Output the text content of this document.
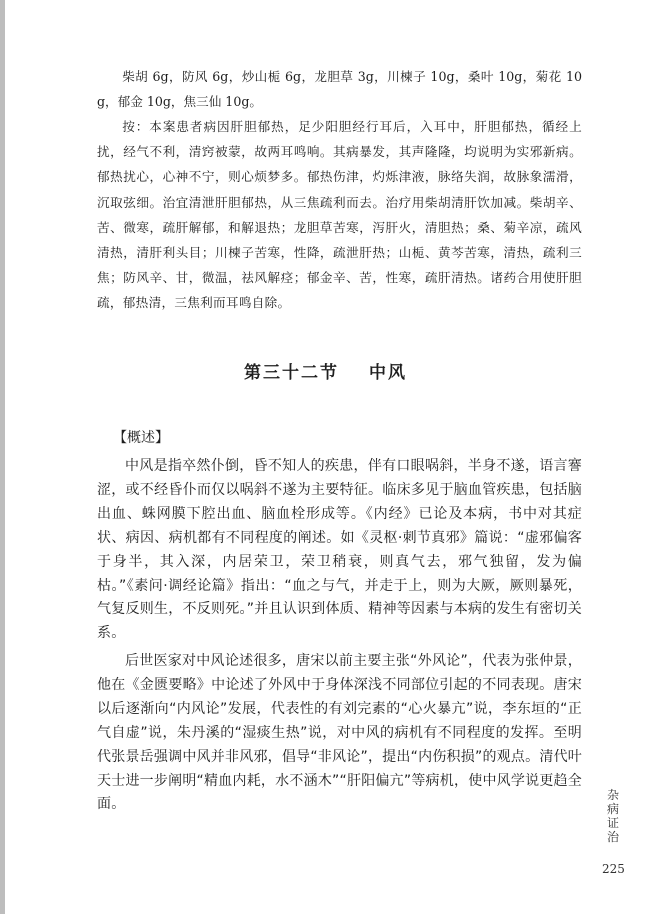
柴胡 6g，防风 6g，炒山栀 6g，龙胆草 3g，川楝子 10g，桑叶 10g，菊花 10g，郁金 10g，焦三仙 10g。

按：本案患者病因肝胆郁热，足少阳胆经行耳后，入耳中，肝胆郁热，循经上扰，经气不利，清窍被蒙，故两耳鸣响。其病暴发，其声隆隆，均说明为实邪新病。郁热扰心，心神不宁，则心烦梦多。郁热伤津，灼烁津液，脉络失润，故脉象濡滑，沉取弦细。治宜清泄肝胆郁热，从三焦疏利而去。治疗用柴胡清肝饮加减。柴胡辛、苦、微寒，疏肝解郁，和解退热；龙胆草苦寒，泻肝火，清胆热；桑、菊辛凉，疏风清热，清肝利头目；川楝子苦寒，性降，疏泄肝热；山栀、黄芩苦寒，清热，疏利三焦；防风辛、甘，微温，祛风解痉；郁金辛、苦，性寒，疏肝清热。诸药合用使肝胆疏，郁热清，三焦利而耳鸣自除。

第三十二节 中风
【概述】

中风是指卒然仆倒，昏不知人的疾患，伴有口眼㖞斜，半身不遂，语言謇涩，或不经昏仆而仅以㖞斜不遂为主要特征。临床多见于脑血管疾患，包括脑出血、蛛网膜下腔出血、脑血栓形成等。《内经》已论及本病，书中对其症状、病因、病机都有不同程度的阐述。如《灵枢·刺节真邪》篇说：“虚邪偏客于身半，其入深，内居荣卫，荣卫稍衰，则真气去，邪气独留，发为偏枯。”《素问·调经论篇》指出：“血之与气，并走于上，则为大厥，厥则暴死，气复反则生，不反则死。”并且认识到体质、精神等因素与本病的发生有密切关系。

后世医家对中风论述很多，唐宋以前主要主张“外风论”，代表为张仲景，他在《金匮要略》中论述了外风中于身体深浅不同部位引起的不同表现。唐宋以后逐渐向“内风论”发展，代表性的有刘完素的“心火暴亢”说，李东垣的“正气自虚”说，朱丹溪的“湿痰生热”说，对中风的病机有不同程度的发挥。至明代张景岳强调中风并非风邪，倡导“非风论”，提出“内伤积损”的观点。清代叶天士进一步阐明“精血内耗，水不涵木”“肝阳偏亢”等病机，使中风学说更趋全面。

杂病证治
225
